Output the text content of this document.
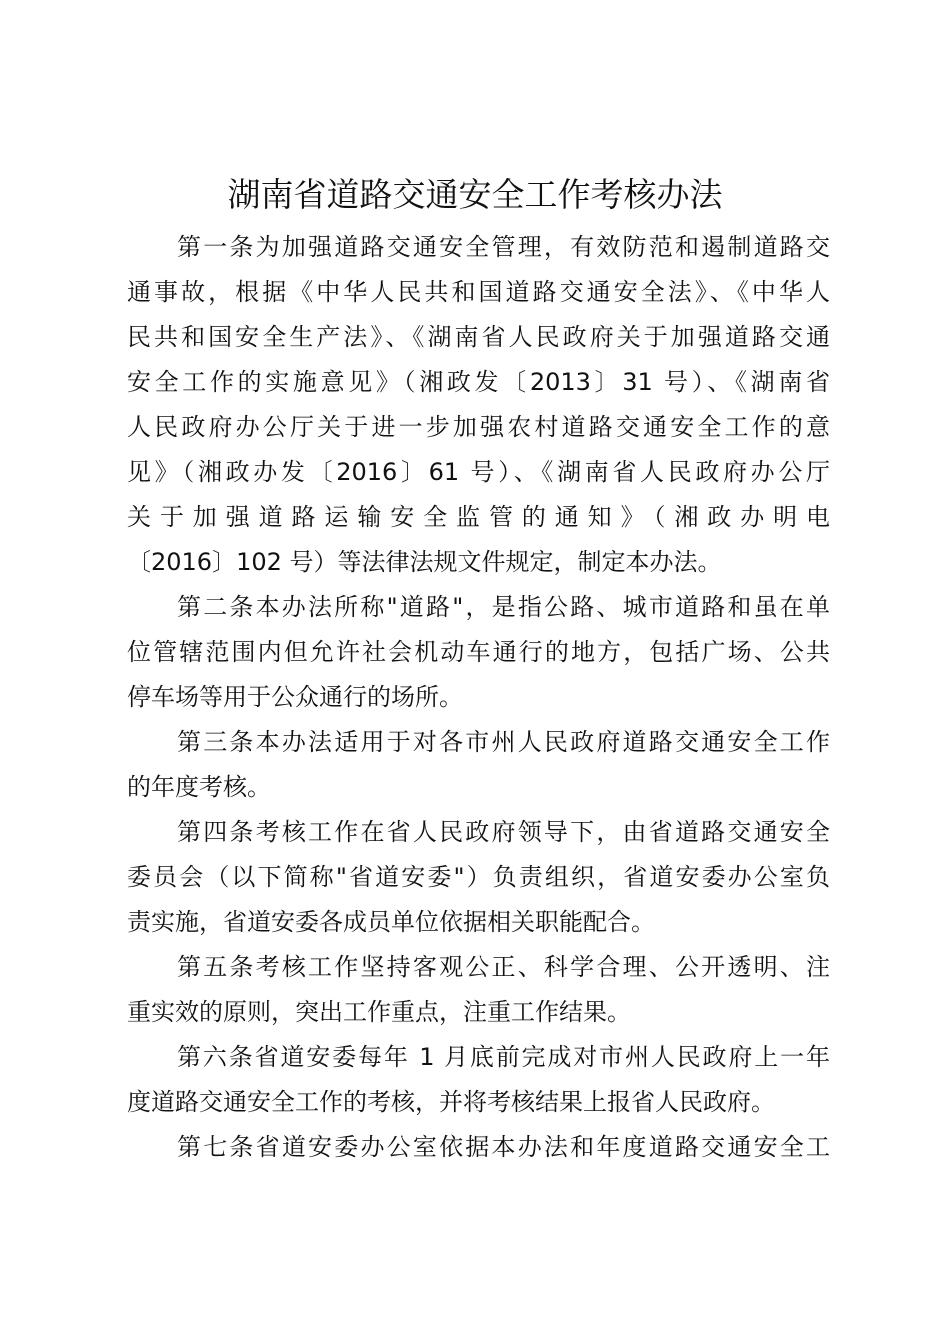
湖南省道路交通安全工作考核办法
第一条为加强道路交通安全管理，有效防范和遏制道路交
通事故，根据《中华人民共和国道路交通安全法》、《中华人
民共和国安全生产法》、《湖南省人民政府关于加强道路交通
安全工作的实施意见》（湘政发〔2013〕31 号）、《湖南省
人民政府办公厅关于进一步加强农村道路交通安全工作的意
见》（湘政办发〔2016〕61 号）、《湖南省人民政府办公厅
关于加强道路运输安全监管的通知》（湘政办明电
〔2016〕102 号）等法律法规文件规定，制定本办法。
第二条本办法所称"道路"，是指公路、城市道路和虽在单
位管辖范围内但允许社会机动车通行的地方，包括广场、公共
停车场等用于公众通行的场所。
第三条本办法适用于对各市州人民政府道路交通安全工作
的年度考核。
第四条考核工作在省人民政府领导下，由省道路交通安全
委员会（以下简称"省道安委"）负责组织，省道安委办公室负
责实施，省道安委各成员单位依据相关职能配合。
第五条考核工作坚持客观公正、科学合理、公开透明、注
重实效的原则，突出工作重点，注重工作结果。
第六条省道安委每年 1 月底前完成对市州人民政府上一年
度道路交通安全工作的考核，并将考核结果上报省人民政府。
第七条省道安委办公室依据本办法和年度道路交通安全工
